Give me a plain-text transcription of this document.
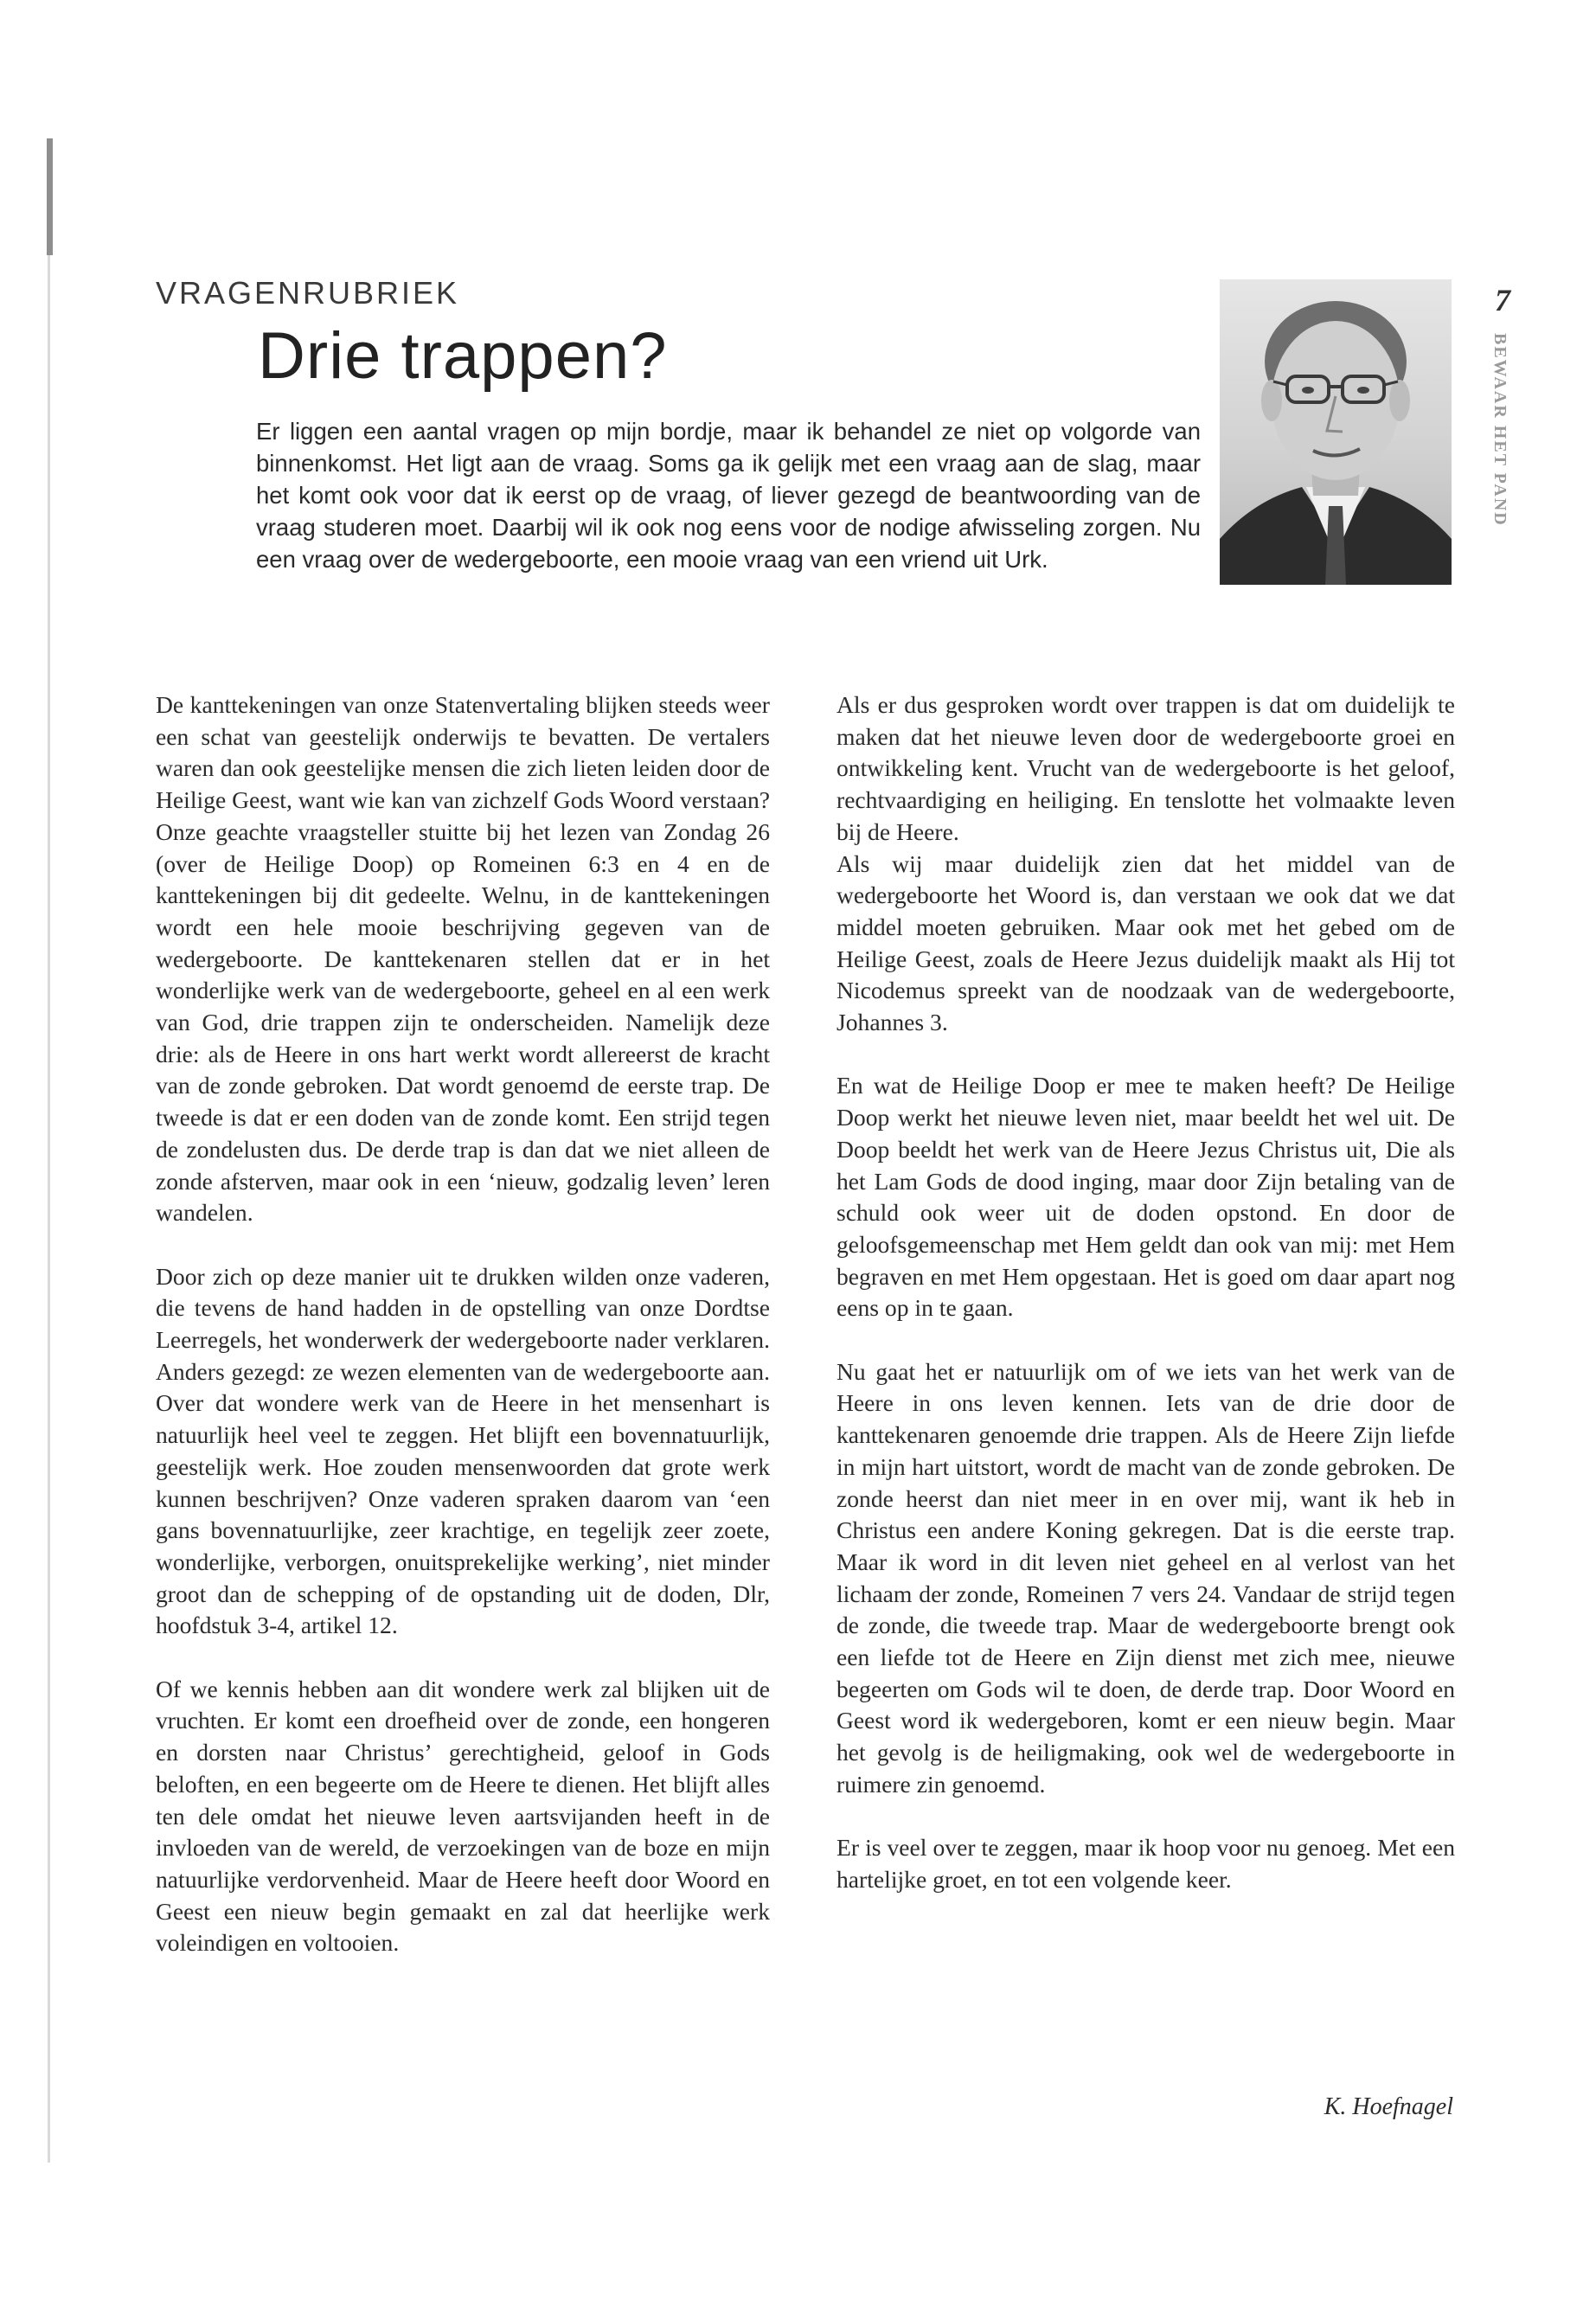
VRAGENRUBRIEK
Drie trappen?

Er liggen een aantal vragen op mijn bordje, maar ik behandel ze niet op volgorde van binnenkomst. Het ligt aan de vraag. Soms ga ik gelijk met een vraag aan de slag, maar het komt ook voor dat ik eerst op de vraag, of liever gezegd de beantwoording van de vraag studeren moet. Daarbij wil ik ook nog eens voor de nodige afwisseling zorgen. Nu een vraag over de wedergeboorte, een mooie vraag van een vriend uit Urk.

7
BEWAAR HET PAND

De kanttekeningen van onze Statenvertaling blijken steeds weer een schat van geestelijk onderwijs te bevatten. De vertalers waren dan ook geestelijke mensen die zich lieten leiden door de Heilige Geest, want wie kan van zichzelf Gods Woord verstaan? Onze geachte vraagsteller stuitte bij het lezen van Zondag 26 (over de Heilige Doop) op Romeinen 6:3 en 4 en de kanttekeningen bij dit gedeelte. Welnu, in de kanttekeningen wordt een hele mooie beschrijving gegeven van de wedergeboorte. De kanttekenaren stellen dat er in het wonderlijke werk van de wedergeboorte, geheel en al een werk van God, drie trappen zijn te onderscheiden. Namelijk deze drie: als de Heere in ons hart werkt wordt allereerst de kracht van de zonde gebroken. Dat wordt genoemd de eerste trap. De tweede is dat er een doden van de zonde komt. Een strijd tegen de zondelusten dus. De derde trap is dan dat we niet alleen de zonde afsterven, maar ook in een ‘nieuw, godzalig leven’ leren wandelen.

Door zich op deze manier uit te drukken wilden onze vaderen, die tevens de hand hadden in de opstelling van onze Dordtse Leerregels, het wonderwerk der wedergeboorte nader verklaren. Anders gezegd: ze wezen elementen van de wedergeboorte aan. Over dat wondere werk van de Heere in het mensenhart is natuurlijk heel veel te zeggen. Het blijft een bovennatuurlijk, geestelijk werk. Hoe zouden mensenwoorden dat grote werk kunnen beschrijven? Onze vaderen spraken daarom van ‘een gans bovennatuurlijke, zeer krachtige, en tegelijk zeer zoete, wonderlijke, verborgen, onuitsprekelijke werking’, niet minder groot dan de schepping of de opstanding uit de doden, Dlr, hoofdstuk 3-4, artikel 12.

Of we kennis hebben aan dit wondere werk zal blijken uit de vruchten. Er komt een droefheid over de zonde, een hongeren en dorsten naar Christus’ gerechtigheid, geloof in Gods beloften, en een begeerte om de Heere te dienen. Het blijft alles ten dele omdat het nieuwe leven aartsvijanden heeft in de invloeden van de wereld, de verzoekingen van de boze en mijn natuurlijke verdorvenheid. Maar de Heere heeft door Woord en Geest een nieuw begin gemaakt en zal dat heerlijke werk voleindigen en voltooien.

Als er dus gesproken wordt over trappen is dat om duidelijk te maken dat het nieuwe leven door de wedergeboorte groei en ontwikkeling kent. Vrucht van de wedergeboorte is het geloof, rechtvaardiging en heiliging. En tenslotte het volmaakte leven bij de Heere.

Als wij maar duidelijk zien dat het middel van de wedergeboorte het Woord is, dan verstaan we ook dat we dat middel moeten gebruiken. Maar ook met het gebed om de Heilige Geest, zoals de Heere Jezus duidelijk maakt als Hij tot Nicodemus spreekt van de noodzaak van de wedergeboorte, Johannes 3.

En wat de Heilige Doop er mee te maken heeft? De Heilige Doop werkt het nieuwe leven niet, maar beeldt het wel uit. De Doop beeldt het werk van de Heere Jezus Christus uit, Die als het Lam Gods de dood inging, maar door Zijn betaling van de schuld ook weer uit de doden opstond. En door de geloofsgemeenschap met Hem geldt dan ook van mij: met Hem begraven en met Hem opgestaan. Het is goed om daar apart nog eens op in te gaan.

Nu gaat het er natuurlijk om of we iets van het werk van de Heere in ons leven kennen. Iets van de drie door de kanttekenaren genoemde drie trappen. Als de Heere Zijn liefde in mijn hart uitstort, wordt de macht van de zonde gebroken. De zonde heerst dan niet meer in en over mij, want ik heb in Christus een andere Koning gekregen. Dat is die eerste trap. Maar ik word in dit leven niet geheel en al verlost van het lichaam der zonde, Romeinen 7 vers 24. Vandaar de strijd tegen de zonde, die tweede trap. Maar de wedergeboorte brengt ook een liefde tot de Heere en Zijn dienst met zich mee, nieuwe begeerten om Gods wil te doen, de derde trap. Door Woord en Geest word ik wedergeboren, komt er een nieuw begin. Maar het gevolg is de heiligmaking, ook wel de wedergeboorte in ruimere zin genoemd.

Er is veel over te zeggen, maar ik hoop voor nu genoeg. Met een hartelijke groet, en tot een volgende keer.

K. Hoefnagel
